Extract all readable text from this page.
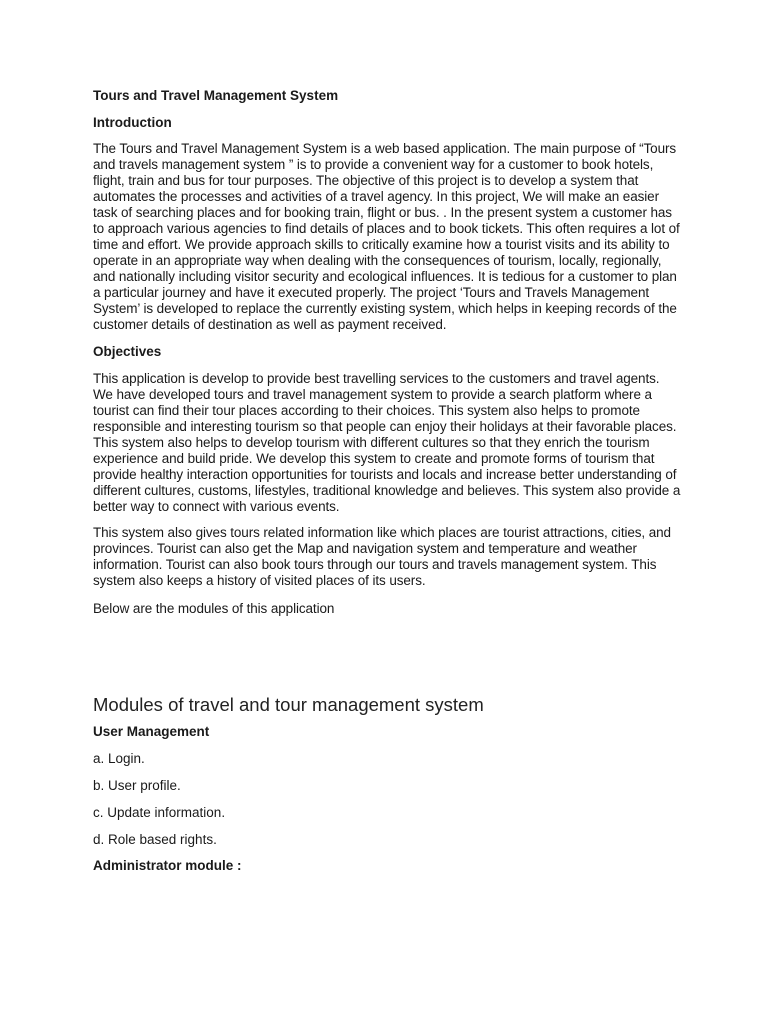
Tours and Travel Management System

Introduction

The Tours and Travel Management System is a web based application. The main purpose of “Tours and travels management system ” is to provide a convenient way for a customer to book hotels, flight, train and bus for tour purposes. The objective of this project is to develop a system that automates the processes and activities of a travel agency. In this project, We will make an easier task of searching places and for booking train, flight or bus. . In the present system a customer has to approach various agencies to find details of places and to book tickets. This often requires a lot of time and effort. We provide approach skills to critically examine how a tourist visits and its ability to operate in an appropriate way when dealing with the consequences of tourism, locally, regionally, and nationally including visitor security and ecological influences. It is tedious for a customer to plan a particular journey and have it executed properly. The project ‘Tours and Travels Management System’ is developed to replace the currently existing system, which helps in keeping records of the customer details of destination as well as payment received.

Objectives

This application is develop to provide best travelling services to the customers and travel agents. We have developed tours and travel management system to provide a search platform where a tourist can find their tour places according to their choices. This system also helps to promote responsible and interesting tourism so that people can enjoy their holidays at their favorable places. This system also helps to develop tourism with different cultures so that they enrich the tourism experience and build pride. We develop this system to create and promote forms of tourism that provide healthy interaction opportunities for tourists and locals and increase better understanding of different cultures, customs, lifestyles, traditional knowledge and believes. This system also provide a better way to connect with various events.

This system also gives tours related information like which places are tourist attractions, cities, and provinces. Tourist can also get the Map and navigation system and temperature and weather information. Tourist can also book tours through our tours and travels management system. This system also keeps a history of visited places of its users.

Below are the modules of this application

Modules of travel and tour management system

User Management

a. Login.

b. User profile.

c. Update information.

d. Role based rights.

Administrator module :
